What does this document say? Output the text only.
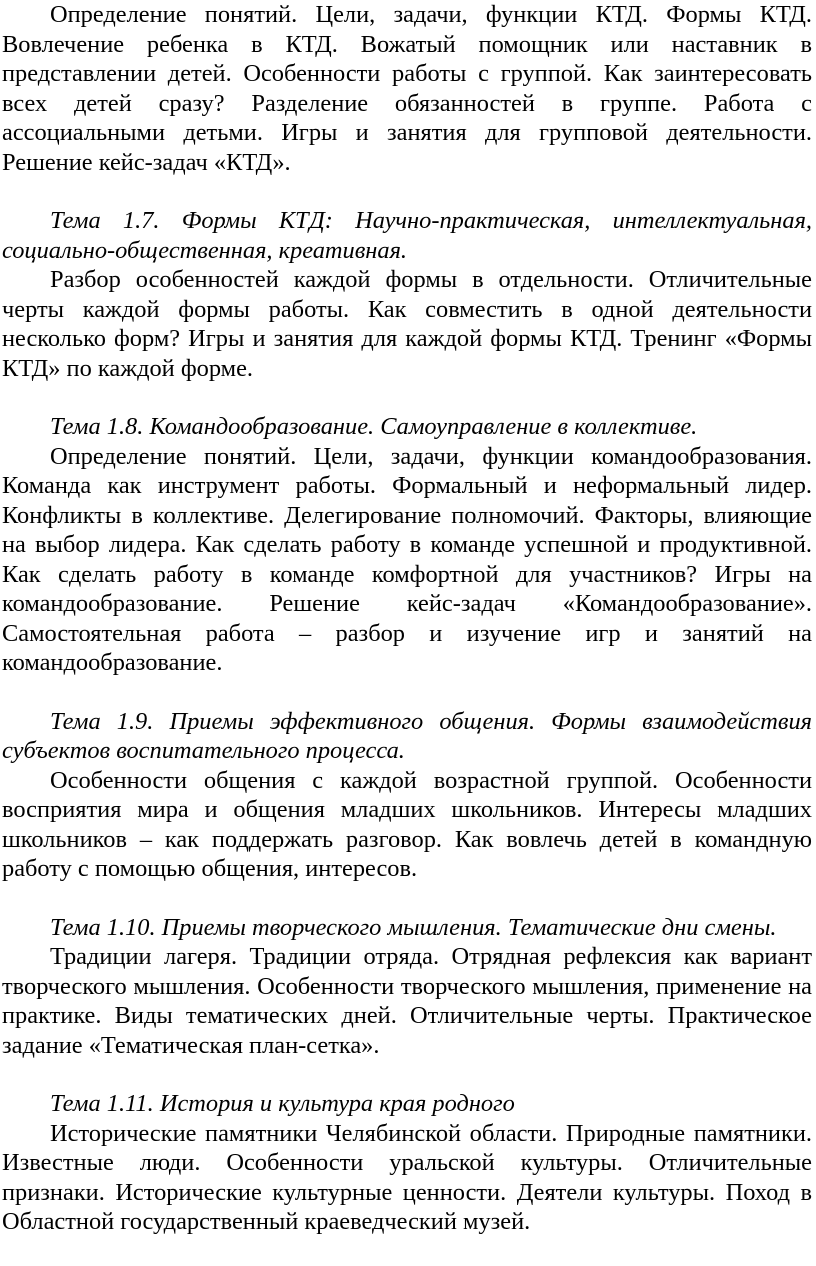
Определение понятий. Цели, задачи, функции КТД. Формы КТД. Вовлечение ребенка в КТД. Вожатый помощник или наставник в представлении детей. Особенности работы с группой. Как заинтересовать всех детей сразу? Разделение обязанностей в группе. Работа с ассоциальными детьми. Игры и занятия для групповой деятельности. Решение кейс-задач «КТД».

Тема 1.7. Формы КТД: Научно-практическая, интеллектуальная, социально-общественная, креативная.

Разбор особенностей каждой формы в отдельности. Отличительные черты каждой формы работы. Как совместить в одной деятельности несколько форм? Игры и занятия для каждой формы КТД. Тренинг «Формы КТД» по каждой форме.

Тема 1.8. Командообразование. Самоуправление в коллективе.

Определение понятий. Цели, задачи, функции командообразования. Команда как инструмент работы. Формальный и неформальный лидер. Конфликты в коллективе. Делегирование полномочий. Факторы, влияющие на выбор лидера. Как сделать работу в команде успешной и продуктивной. Как сделать работу в команде комфортной для участников? Игры на командообразование. Решение кейс-задач «Командообразование». Самостоятельная работа – разбор и изучение игр и занятий на командообразование.

Тема 1.9. Приемы эффективного общения. Формы взаимодействия субъектов воспитательного процесса.

Особенности общения с каждой возрастной группой. Особенности восприятия мира и общения младших школьников. Интересы младших школьников – как поддержать разговор. Как вовлечь детей в командную работу с помощью общения, интересов.

Тема 1.10. Приемы творческого мышления. Тематические дни смены.

Традиции лагеря. Традиции отряда. Отрядная рефлексия как вариант творческого мышления. Особенности творческого мышления, применение на практике. Виды тематических дней. Отличительные черты. Практическое задание «Тематическая план-сетка».

Тема 1.11. История и культура края родного

Исторические памятники Челябинской области. Природные памятники. Известные люди. Особенности уральской культуры. Отличительные признаки. Исторические культурные ценности. Деятели культуры. Поход в Областной государственный краеведческий музей.
